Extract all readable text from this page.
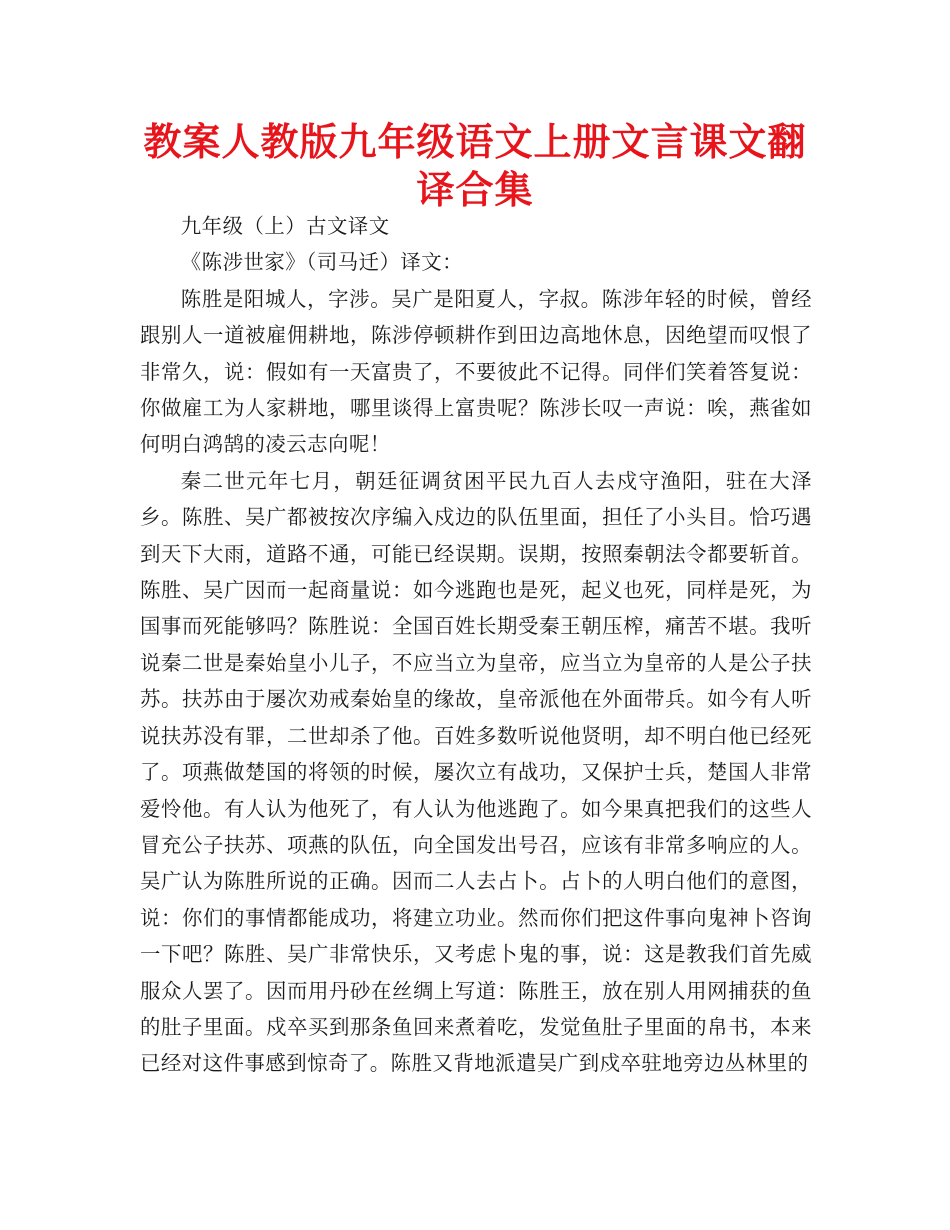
教案人教版九年级语文上册文言课文翻译合集

九年级（上）古文译文

《陈涉世家》（司马迁）译文：

陈胜是阳城人，字涉。吴广是阳夏人，字叔。陈涉年轻的时候，曾经跟别人一道被雇佣耕地，陈涉停顿耕作到田边高地休息，因绝望而叹恨了非常久，说：假如有一天富贵了，不要彼此不记得。同伴们笑着答复说：你做雇工为人家耕地，哪里谈得上富贵呢？陈涉长叹一声说：唉，燕雀如何明白鸿鹄的凌云志向呢！

秦二世元年七月，朝廷征调贫困平民九百人去戍守渔阳，驻在大泽乡。陈胜、吴广都被按次序编入戍边的队伍里面，担任了小头目。恰巧遇到天下大雨，道路不通，可能已经误期。误期，按照秦朝法令都要斩首。陈胜、吴广因而一起商量说：如今逃跑也是死，起义也死，同样是死，为国事而死能够吗？陈胜说：全国百姓长期受秦王朝压榨，痛苦不堪。我听说秦二世是秦始皇小儿子，不应当立为皇帝，应当立为皇帝的人是公子扶苏。扶苏由于屡次劝戒秦始皇的缘故，皇帝派他在外面带兵。如今有人听说扶苏没有罪，二世却杀了他。百姓多数听说他贤明，却不明白他已经死了。项燕做楚国的将领的时候，屡次立有战功，又保护士兵，楚国人非常爱怜他。有人认为他死了，有人认为他逃跑了。如今果真把我们的这些人冒充公子扶苏、项燕的队伍，向全国发出号召，应该有非常多响应的人。吴广认为陈胜所说的正确。因而二人去占卜。占卜的人明白他们的意图，说：你们的事情都能成功，将建立功业。然而你们把这件事向鬼神卜咨询一下吧？陈胜、吴广非常快乐，又考虑卜鬼的事，说：这是教我们首先威服众人罢了。因而用丹砂在丝绸上写道：陈胜王，放在别人用网捕获的鱼的肚子里面。戍卒买到那条鱼回来煮着吃，发觉鱼肚子里面的帛书，本来已经对这件事感到惊奇了。陈胜又背地派遣吴广到戍卒驻地旁边丛林里的
